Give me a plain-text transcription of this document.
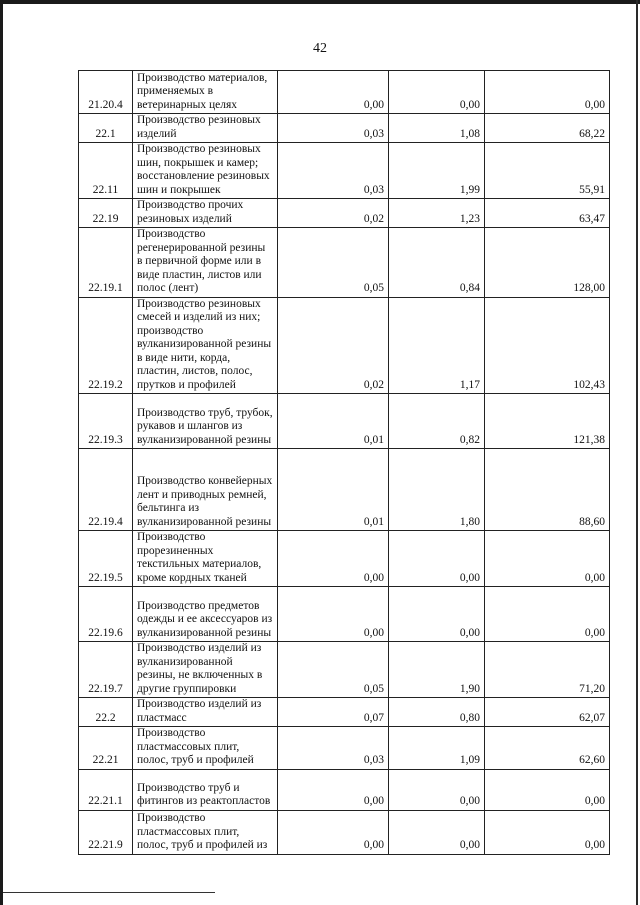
42
21.20.4	Производство материалов, применяемых в ветеринарных целях	0,00	0,00	0,00
22.1	Производство резиновых изделий	0,03	1,08	68,22
22.11	Производство резиновых шин, покрышек и камер; восстановление резиновых шин и покрышек	0,03	1,99	55,91
22.19	Производство прочих резиновых изделий	0,02	1,23	63,47
22.19.1	Производство регенерированной резины в первичной форме или в виде пластин, листов или полос (лент)	0,05	0,84	128,00
22.19.2	Производство резиновых смесей и изделий из них; производство вулканизированной резины в виде нити, корда, пластин, листов, полос, прутков и профилей	0,02	1,17	102,43
22.19.3	Производство труб, трубок, рукавов и шлангов из вулканизированной резины	0,01	0,82	121,38
22.19.4	Производство конвейерных лент и приводных ремней, бельтинга из вулканизированной резины	0,01	1,80	88,60
22.19.5	Производство прорезиненных текстильных материалов, кроме кордных тканей	0,00	0,00	0,00
22.19.6	Производство предметов одежды и ее аксессуаров из вулканизированной резины	0,00	0,00	0,00
22.19.7	Производство изделий из вулканизированной резины, не включенных в другие группировки	0,05	1,90	71,20
22.2	Производство изделий из пластмасс	0,07	0,80	62,07
22.21	Производство пластмассовых плит, полос, труб и профилей	0,03	1,09	62,60
22.21.1	Производство труб и фитингов из реактопластов	0,00	0,00	0,00
22.21.9	Производство пластмассовых плит, полос, труб и профилей из	0,00	0,00	0,00
